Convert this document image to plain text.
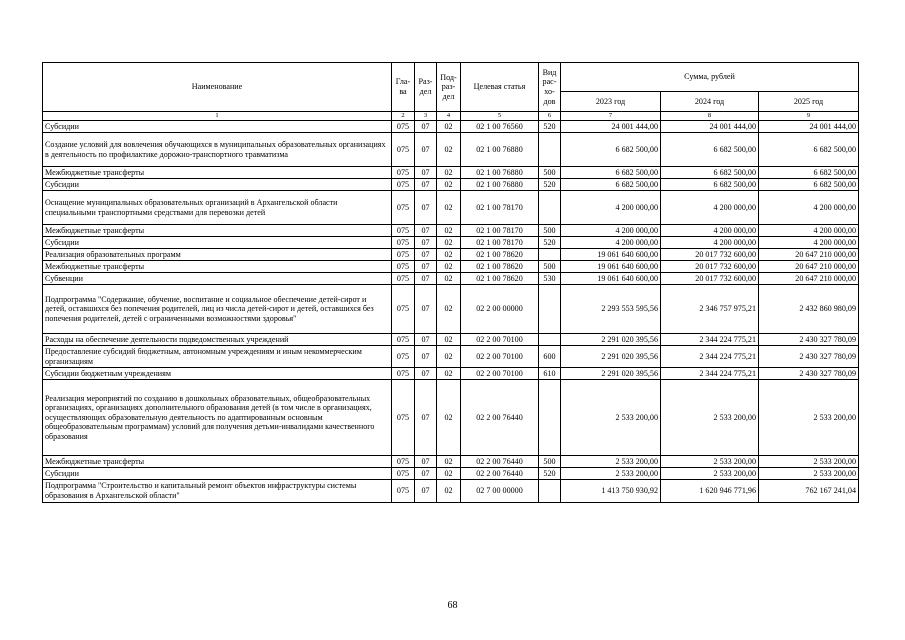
Наименование	Гла-ва	Раз-дел	Под-раз-дел	Целевая статья	Вид рас-хо-дов	Сумма, рублей		
						2023 год	2024 год	2025 год
1	2	3	4	5	6	7	8	9
Субсидии	075	07	02	02 1 00 76560	520	24 001 444,00	24 001 444,00	24 001 444,00
Создание условий для вовлечения обучающихся в муниципальных образовательных организациях в деятельность по профилактике дорожно-транспортного травматизма	075	07	02	02 1 00 76880		6 682 500,00	6 682 500,00	6 682 500,00
Межбюджетные трансферты	075	07	02	02 1 00 76880	500	6 682 500,00	6 682 500,00	6 682 500,00
Субсидии	075	07	02	02 1 00 76880	520	6 682 500,00	6 682 500,00	6 682 500,00
Оснащение муниципальных образовательных организаций в Архангельской области специальными транспортными средствами для перевозки детей	075	07	02	02 1 00 78170		4 200 000,00	4 200 000,00	4 200 000,00
Межбюджетные трансферты	075	07	02	02 1 00 78170	500	4 200 000,00	4 200 000,00	4 200 000,00
Субсидии	075	07	02	02 1 00 78170	520	4 200 000,00	4 200 000,00	4 200 000,00
Реализация образовательных программ	075	07	02	02 1 00 78620		19 061 640 600,00	20 017 732 600,00	20 647 210 000,00
Межбюджетные трансферты	075	07	02	02 1 00 78620	500	19 061 640 600,00	20 017 732 600,00	20 647 210 000,00
Субвенции	075	07	02	02 1 00 78620	530	19 061 640 600,00	20 017 732 600,00	20 647 210 000,00
Подпрограмма "Содержание, обучение, воспитание и социальное обеспечение детей-сирот и детей, оставшихся без попечения родителей, лиц из числа детей-сирот и детей, оставшихся без попечения родителей, детей с ограниченными возможностями здоровья"	075	07	02	02 2 00 00000		2 293 553 595,56	2 346 757 975,21	2 432 860 980,09
Расходы на обеспечение деятельности подведомственных учреждений	075	07	02	02 2 00 70100		2 291 020 395,56	2 344 224 775,21	2 430 327 780,09
Предоставление субсидий бюджетным, автономным учреждениям и иным некоммерческим организациям	075	07	02	02 2 00 70100	600	2 291 020 395,56	2 344 224 775,21	2 430 327 780,09
Субсидии бюджетным учреждениям	075	07	02	02 2 00 70100	610	2 291 020 395,56	2 344 224 775,21	2 430 327 780,09
Реализация мероприятий по созданию в дошкольных образовательных, общеобразовательных организациях, организациях дополнительного образования детей (в том числе в организациях, осуществляющих образовательную деятельность по адаптированным основным общеобразовательным программам) условий для получения детьми-инвалидами качественного образования	075	07	02	02 2 00 76440		2 533 200,00	2 533 200,00	2 533 200,00
Межбюджетные трансферты	075	07	02	02 2 00 76440	500	2 533 200,00	2 533 200,00	2 533 200,00
Субсидии	075	07	02	02 2 00 76440	520	2 533 200,00	2 533 200,00	2 533 200,00
Подпрограмма "Строительство и капитальный ремонт объектов инфраструктуры системы образования в Архангельской области"	075	07	02	02 7 00 00000		1 413 750 930,92	1 620 946 771,96	762 167 241,04
68
